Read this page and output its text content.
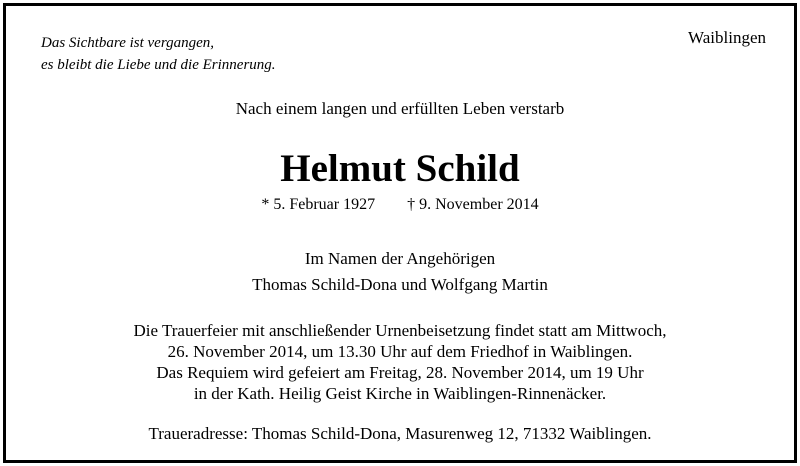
Das Sichtbare ist vergangen,
es bleibt die Liebe und die Erinnerung.
Waiblingen
Nach einem langen und erfüllten Leben verstarb
Helmut Schild
* 5. Februar 1927 † 9. November 2014
Im Namen der Angehörigen
Thomas Schild-Dona und Wolfgang Martin
Die Trauerfeier mit anschließender Urnenbeisetzung findet statt am Mittwoch,
26. November 2014, um 13.30 Uhr auf dem Friedhof in Waiblingen.
Das Requiem wird gefeiert am Freitag, 28. November 2014, um 19 Uhr
in der Kath. Heilig Geist Kirche in Waiblingen-Rinnenäcker.
Traueradresse: Thomas Schild-Dona, Masurenweg 12, 71332 Waiblingen.
